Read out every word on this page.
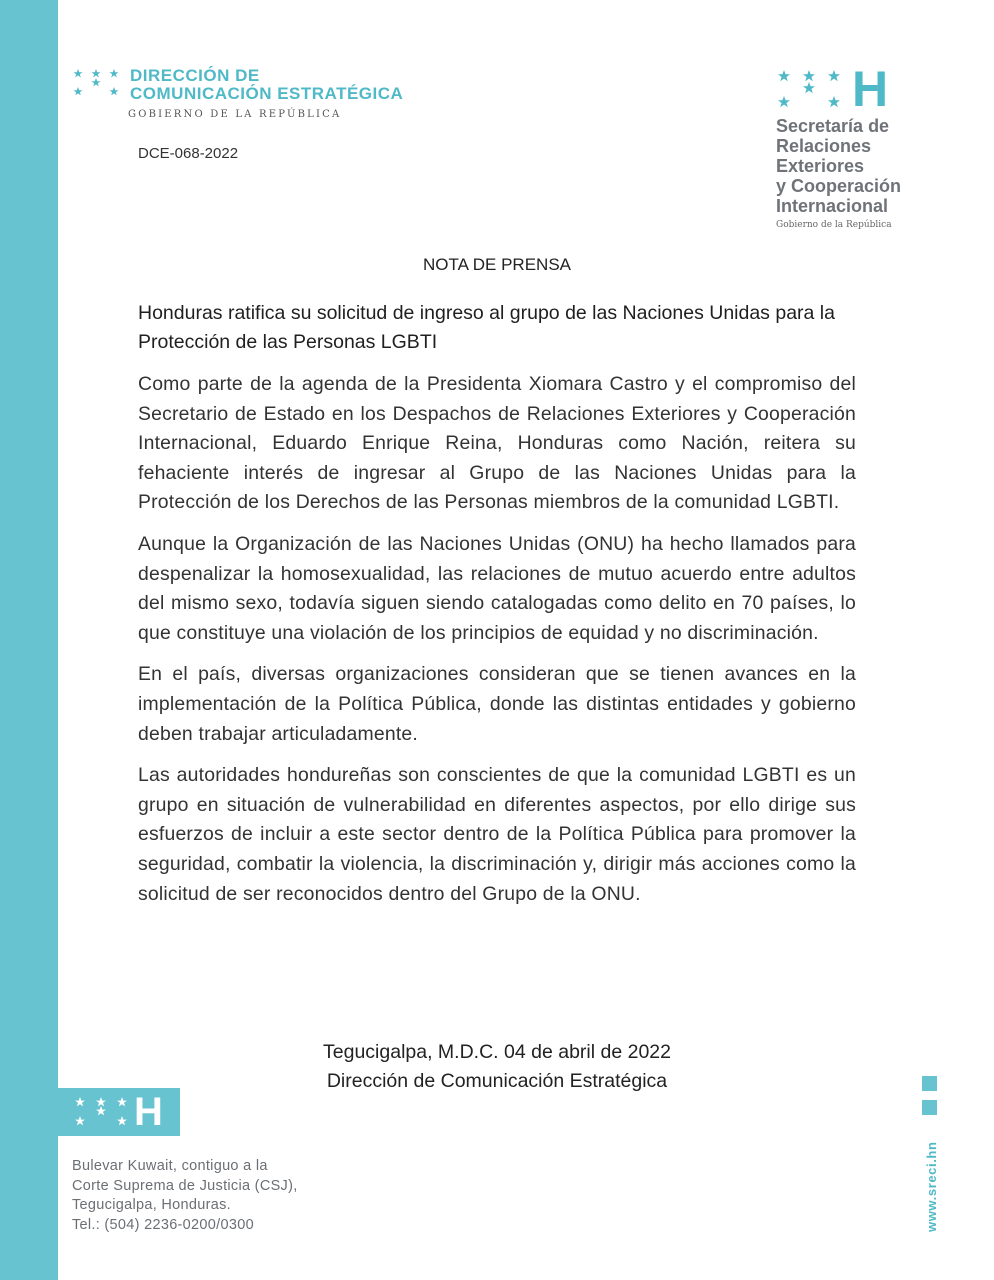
DIRECCIÓN DE
COMUNICACIÓN ESTRATÉGICA
GOBIERNO DE LA REPÚBLICA
DCE-068-2022
H
Secretaría de
Relaciones
Exteriores
y Cooperación
Internacional
Gobierno de la República
NOTA DE PRENSA
Honduras ratifica su solicitud de ingreso al grupo de las Naciones Unidas para la Protección de las Personas LGBTI

Como parte de la agenda de la Presidenta Xiomara Castro y el compromiso del Secretario de Estado en los Despachos de Relaciones Exteriores y Cooperación Internacional, Eduardo Enrique Reina, Honduras como Nación, reitera su fehaciente interés de ingresar al Grupo de las Naciones Unidas para la Protección de los Derechos de las Personas miembros de la comunidad LGBTI.

Aunque la Organización de las Naciones Unidas (ONU) ha hecho llamados para despenalizar la homosexualidad, las relaciones de mutuo acuerdo entre adultos del mismo sexo, todavía siguen siendo catalogadas como delito en 70 países, lo que constituye una violación de los principios de equidad y no discriminación.

En el país, diversas organizaciones consideran que se tienen avances en la implementación de la Política Pública, donde las distintas entidades y gobierno deben trabajar articuladamente.

Las autoridades hondureñas son conscientes de que la comunidad LGBTI es un grupo en situación de vulnerabilidad en diferentes aspectos, por ello dirige sus esfuerzos de incluir a este sector dentro de la Política Pública para promover la seguridad, combatir la violencia, la discriminación y, dirigir más acciones como la solicitud de ser reconocidos dentro del Grupo de la ONU.

Tegucigalpa, M.D.C. 04 de abril de 2022
Dirección de Comunicación Estratégica
H
Bulevar Kuwait, contiguo a la
Corte Suprema de Justicia (CSJ),
Tegucigalpa, Honduras.
Tel.: (504) 2236-0200/0300	www.sreci.hn
